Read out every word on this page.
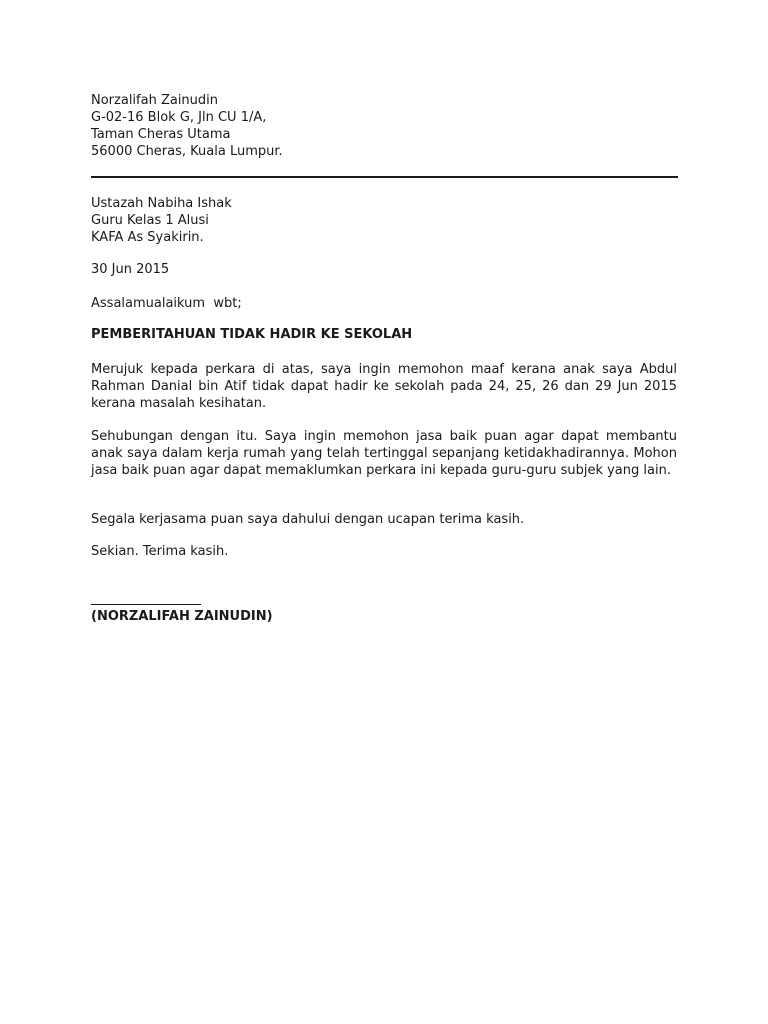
Norzalifah Zainudin
G-02-16 Blok G, Jln CU 1/A,
Taman Cheras Utama
56000 Cheras, Kuala Lumpur.
Ustazah Nabiha Ishak
Guru Kelas 1 Alusi
KAFA As Syakirin.
30 Jun 2015
Assalamualaikum  wbt;
PEMBERITAHUAN TIDAK HADIR KE SEKOLAH
Merujuk kepada perkara di atas, saya ingin memohon maaf kerana anak saya Abdul Rahman Danial bin Atif tidak dapat hadir ke sekolah pada 24, 25, 26 dan 29 Jun 2015 kerana masalah kesihatan.
Sehubungan dengan itu. Saya ingin memohon jasa baik puan agar dapat membantu anak saya dalam kerja rumah yang telah tertinggal sepanjang ketidakhadirannya. Mohon jasa baik puan agar dapat memaklumkan perkara ini kepada guru-guru subjek yang lain.
Segala kerjasama puan saya dahului dengan ucapan terima kasih.
Sekian. Terima kasih.
(NORZALIFAH ZAINUDIN)
